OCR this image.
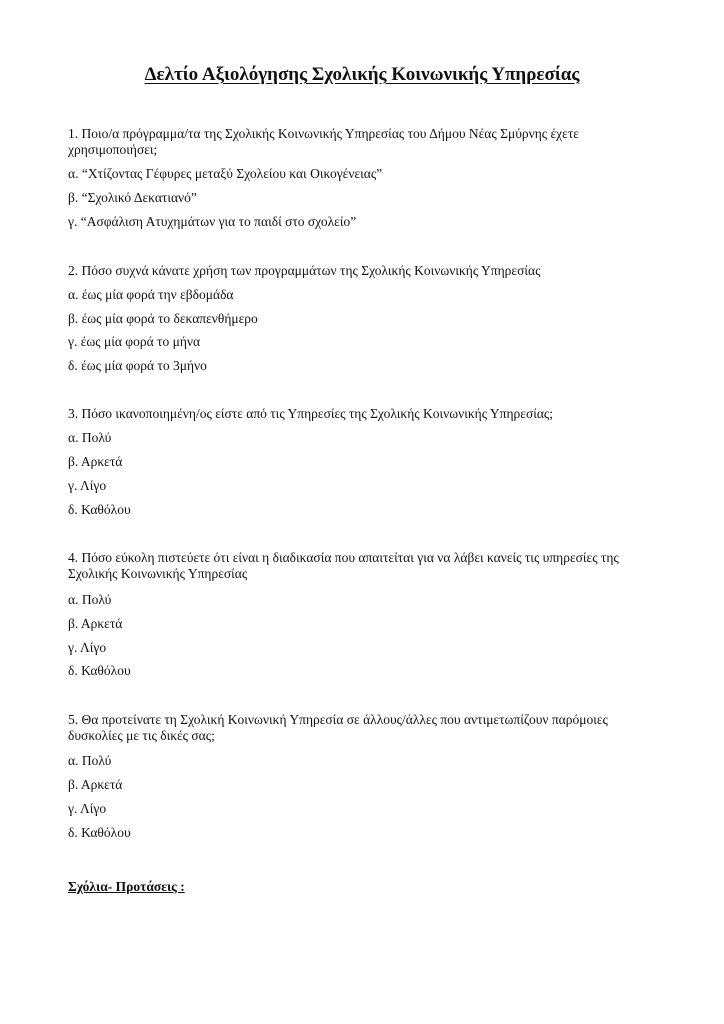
Δελτίο Αξιολόγησης Σχολικής Κοινωνικής Υπηρεσίας
1. Ποιο/α πρόγραμμα/τα της Σχολικής Κοινωνικής Υπηρεσίας του Δήμου Νέας Σμύρνης έχετε χρησιμοποιήσει;
α. “Χτίζοντας Γέφυρες μεταξύ Σχολείου και Οικογένειας”
β. “Σχολικό Δεκατιανό”
γ. “Ασφάλιση Ατυχημάτων για το παιδί στο σχολείο”
2. Πόσο συχνά κάνατε χρήση των προγραμμάτων της Σχολικής Κοινωνικής Υπηρεσίας
α. έως μία φορά την εβδομάδα
β. έως μία φορά το δεκαπενθήμερο
γ. έως μία φορά το μήνα
δ. έως μία φορά το 3μήνο
3. Πόσο ικανοποιημένη/ος είστε από τις Υπηρεσίες της Σχολικής Κοινωνικής Υπηρεσίας;
α. Πολύ
β. Αρκετά
γ. Λίγο
δ. Καθόλου
4. Πόσο εύκολη πιστεύετε ότι είναι η διαδικασία που απαιτείται για να λάβει κανείς τις υπηρεσίες της Σχολικής Κοινωνικής Υπηρεσίας
α. Πολύ
β. Αρκετά
γ. Λίγο
δ. Καθόλου
5. Θα προτείνατε τη Σχολική Κοινωνική Υπηρεσία σε άλλους/άλλες που αντιμετωπίζουν παρόμοιες δυσκολίες με τις δικές σας;
α. Πολύ
β. Αρκετά
γ. Λίγο
δ. Καθόλου
Σχόλια- Προτάσεις :
